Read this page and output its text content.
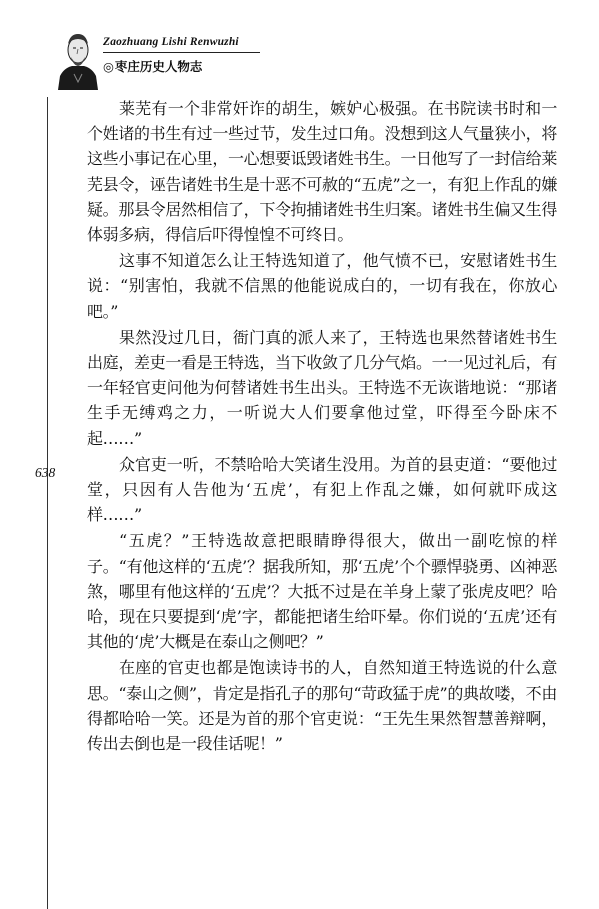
Zaozhuang Lishi Renwuzhi
◎枣庄历史人物志
638

莱芜有一个非常奸诈的胡生，嫉妒心极强。在书院读书时和一个姓诸的书生有过一些过节，发生过口角。没想到这人气量狭小，将这些小事记在心里，一心想要诋毁诸姓书生。一日他写了一封信给莱芜县令，诬告诸姓书生是十恶不可赦的“五虎”之一，有犯上作乱的嫌疑。那县令居然相信了，下令拘捕诸姓书生归案。诸姓书生偏又生得体弱多病，得信后吓得惶惶不可终日。

这事不知道怎么让王特选知道了，他气愤不已，安慰诸姓书生说：“别害怕，我就不信黑的他能说成白的，一切有我在，你放心吧。”

果然没过几日，衙门真的派人来了，王特选也果然替诸姓书生出庭，差吏一看是王特选，当下收敛了几分气焰。一一见过礼后，有一年轻官吏问他为何替诸姓书生出头。王特选不无诙谐地说：“那诸生手无缚鸡之力，一听说大人们要拿他过堂，吓得至今卧床不起……”

众官吏一听，不禁哈哈大笑诸生没用。为首的县吏道：“要他过堂，只因有人告他为‘五虎’，有犯上作乱之嫌，如何就吓成这样……”

“五虎？”王特选故意把眼睛睁得很大，做出一副吃惊的样子。“有他这样的‘五虎’？据我所知，那‘五虎’个个骠悍骁勇、凶神恶煞，哪里有他这样的‘五虎’？大抵不过是在羊身上蒙了张虎皮吧？哈哈，现在只要提到‘虎’字，都能把诸生给吓晕。你们说的‘五虎’还有其他的‘虎’大概是在泰山之侧吧？”

在座的官吏也都是饱读诗书的人，自然知道王特选说的什么意思。“泰山之侧”，肯定是指孔子的那句“苛政猛于虎”的典故喽，不由得都哈哈一笑。还是为首的那个官吏说：“王先生果然智慧善辩啊，传出去倒也是一段佳话呢！”
